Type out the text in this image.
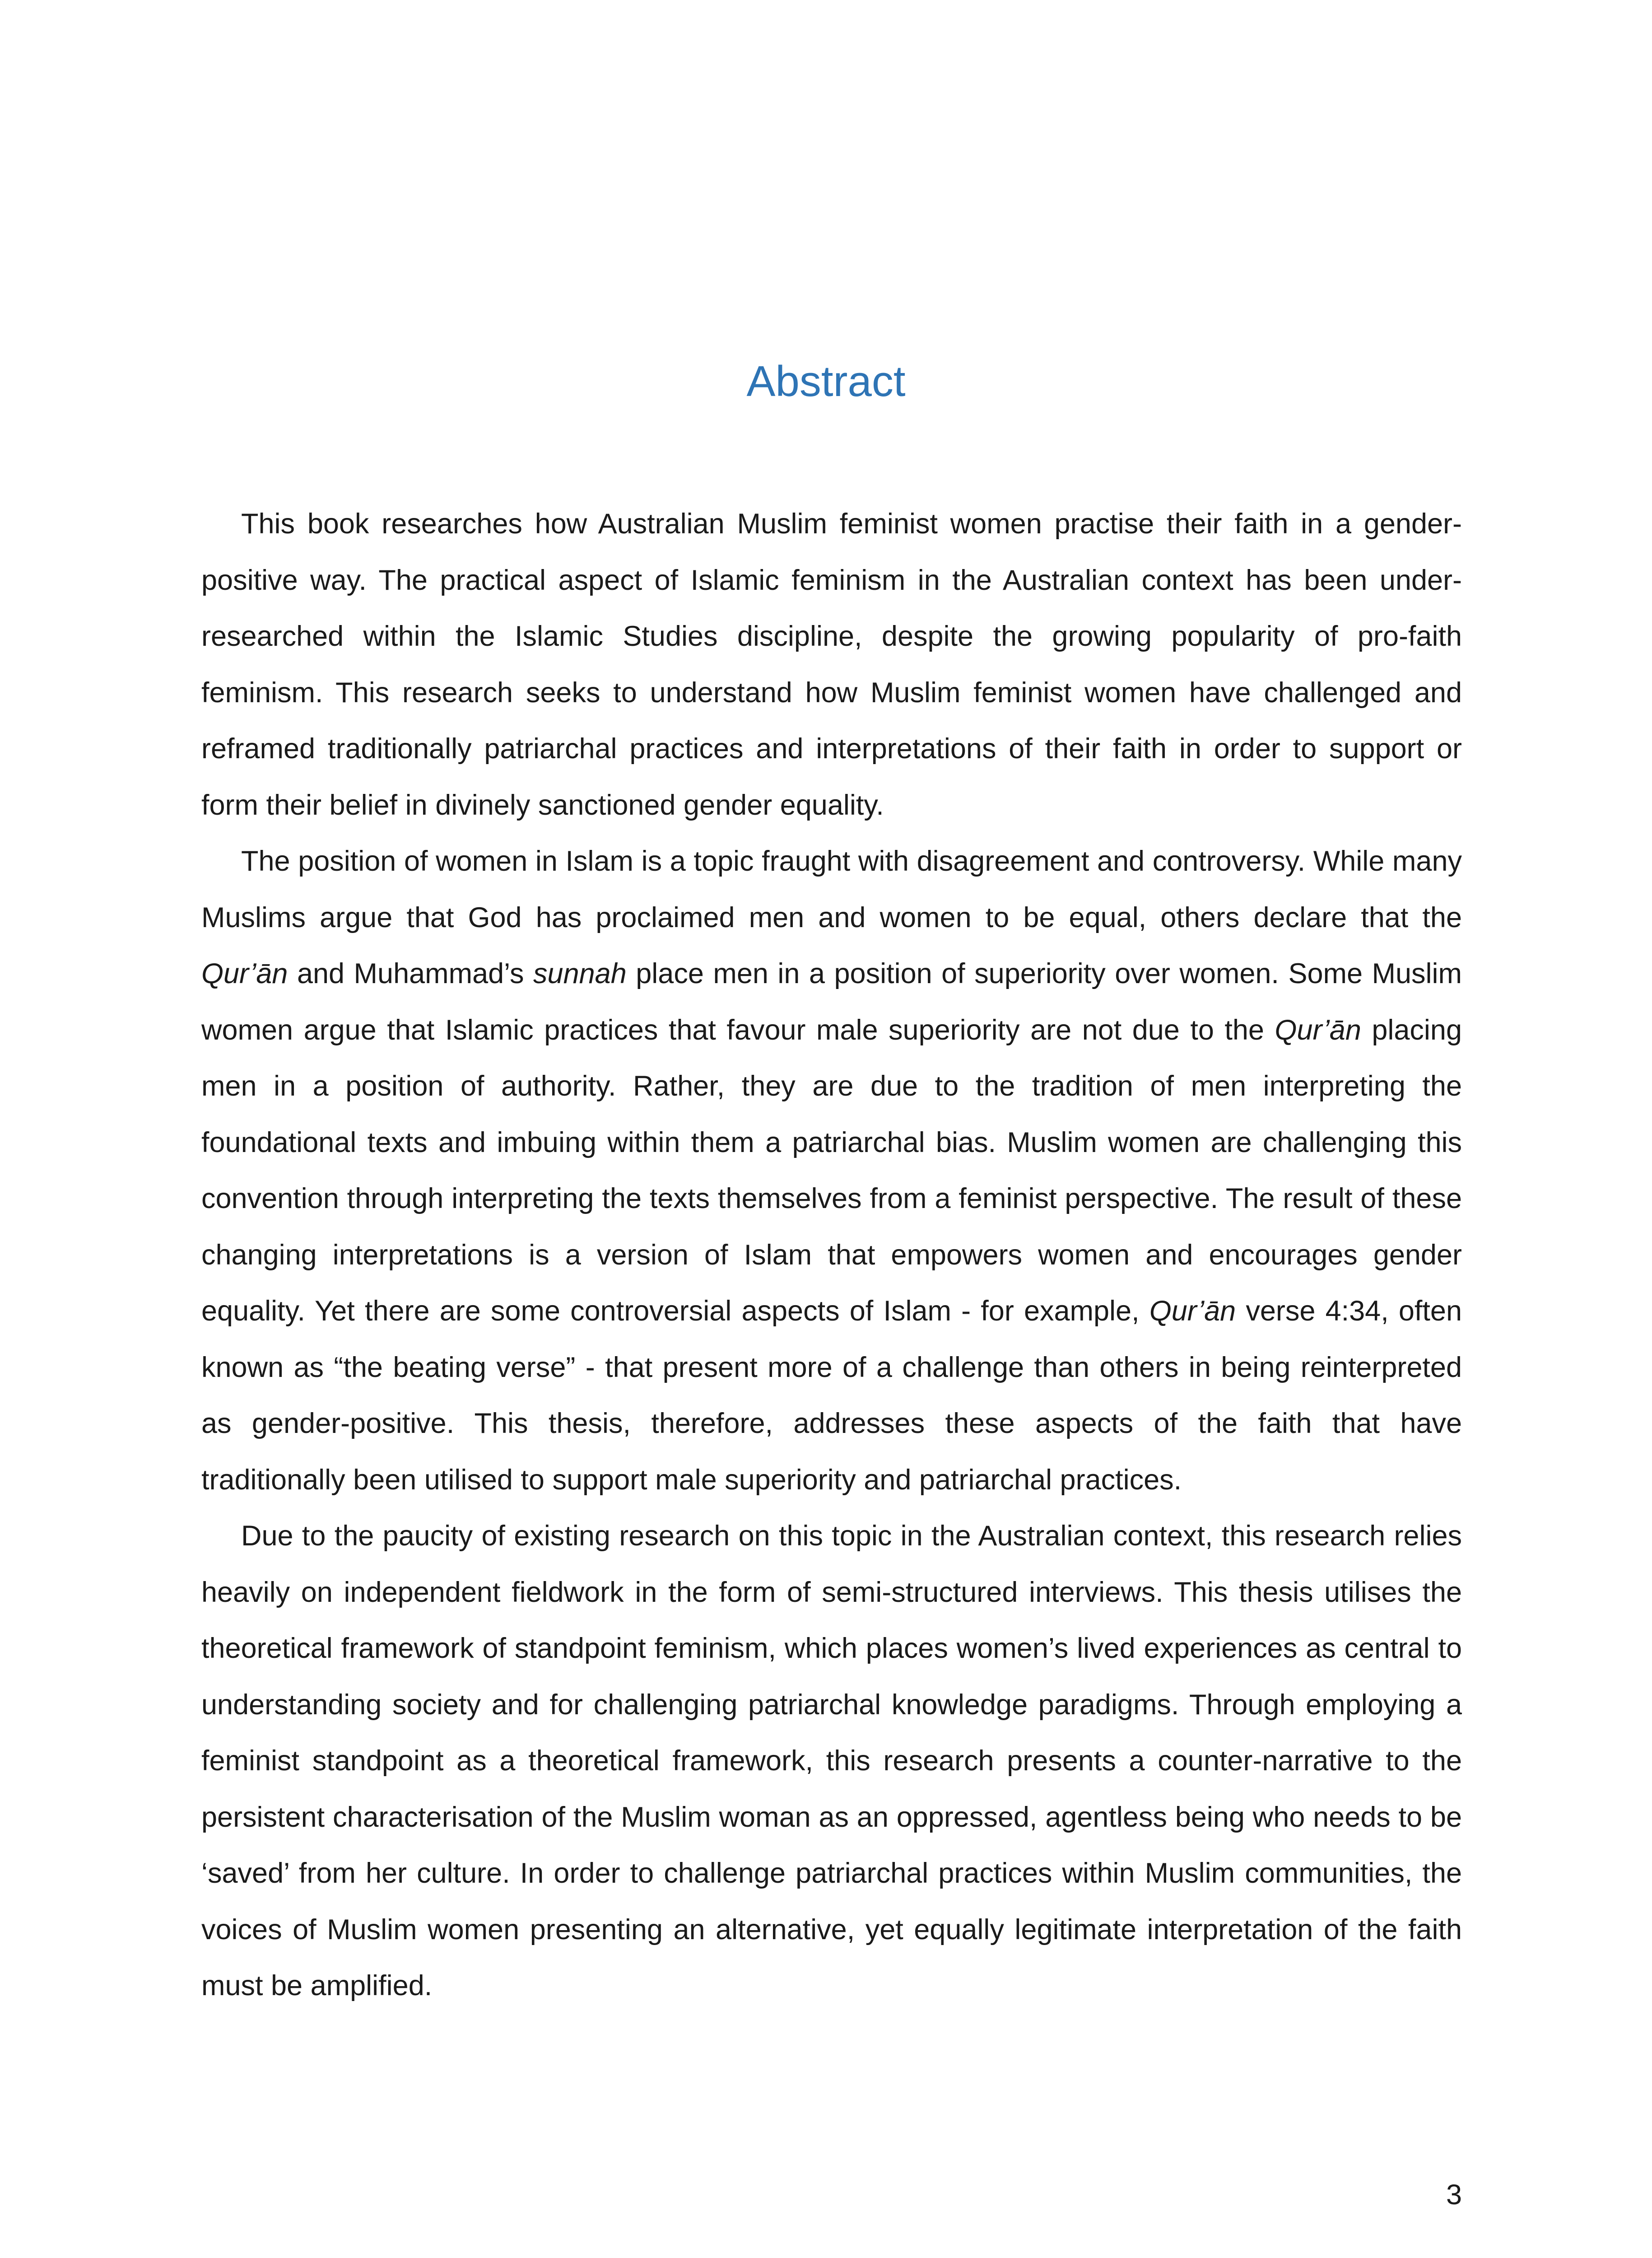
Abstract

This book researches how Australian Muslim feminist women practise their faith in a gender-positive way. The practical aspect of Islamic feminism in the Australian context has been under-researched within the Islamic Studies discipline, despite the growing popularity of pro-faith feminism. This research seeks to understand how Muslim feminist women have challenged and reframed traditionally patriarchal practices and interpretations of their faith in order to support or form their belief in divinely sanctioned gender equality.

The position of women in Islam is a topic fraught with disagreement and controversy. While many Muslims argue that God has proclaimed men and women to be equal, others declare that the Qur’ān and Muhammad’s sunnah place men in a position of superiority over women. Some Muslim women argue that Islamic practices that favour male superiority are not due to the Qur’ān placing men in a position of authority. Rather, they are due to the tradition of men interpreting the foundational texts and imbuing within them a patriarchal bias. Muslim women are challenging this convention through interpreting the texts themselves from a feminist perspective. The result of these changing interpretations is a version of Islam that empowers women and encourages gender equality. Yet there are some controversial aspects of Islam - for example, Qur’ān verse 4:34, often known as “the beating verse” - that present more of a challenge than others in being reinterpreted as gender-positive. This thesis, therefore, addresses these aspects of the faith that have traditionally been utilised to support male superiority and patriarchal practices.

Due to the paucity of existing research on this topic in the Australian context, this research relies heavily on independent fieldwork in the form of semi-structured interviews. This thesis utilises the theoretical framework of standpoint feminism, which places women’s lived experiences as central to understanding society and for challenging patriarchal knowledge paradigms. Through employing a feminist standpoint as a theoretical framework, this research presents a counter-narrative to the persistent characterisation of the Muslim woman as an oppressed, agentless being who needs to be ‘saved’ from her culture. In order to challenge patriarchal practices within Muslim communities, the voices of Muslim women presenting an alternative, yet equally legitimate interpretation of the faith must be amplified.

3
